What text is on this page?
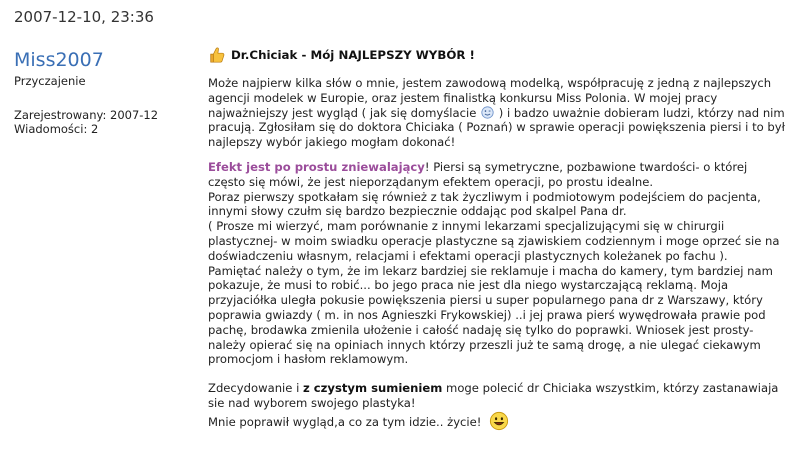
2007-12-10, 23:36
Miss2007
Przyczajenie
Zarejestrowany: 2007-12
Wiadomości: 2
Dr.Chiciak - Mój NAJLEPSZY WYBÓR !

Może najpierw kilka słów o mnie, jestem zawodową modelką, współpracuję z jedną z najlepszych agencji modelek w Europie, oraz jestem finalistką konkursu Miss Polonia. W mojej pracy najważniejszy jest wygląd ( jak się domyślacie ) i badzo uważnie dobieram ludzi, którzy nad nim pracują. Zgłosiłam się do doktora Chiciaka ( Poznań) w sprawie operacji powiększenia piersi i to był najlepszy wybór jakiego mogłam dokonać!

Efekt jest po prostu zniewalający! Piersi są symetryczne, pozbawione twardości- o której często się mówi, że jest nieporządanym efektem operacji, po prostu idealne.
Poraz pierwszy spotkałam się również z tak życzliwym i podmiotowym podejściem do pacjenta, innymi słowy czułm się bardzo bezpiecznie oddając pod skalpel Pana dr.
( Prosze mi wierzyć, mam porównanie z innymi lekarzami specjalizującymi się w chirurgii plastycznej- w moim swiadku operacje plastyczne są zjawiskiem codziennym i moge oprzeć sie na doświadczeniu własnym, relacjami i efektami operacji plastycznych koleżanek po fachu ).
Pamiętać należy o tym, że im lekarz bardziej sie reklamuje i macha do kamery, tym bardziej nam pokazuje, że musi to robić... bo jego praca nie jest dla niego wystarczającą reklamą. Moja przyjaciółka uległa pokusie powiększenia piersi u super popularnego pana dr z Warszawy, który poprawia gwiazdy ( m. in nos Agnieszki Frykowskiej) ..i jej prawa pierś wywędrowała prawie pod pachę, brodawka zmienila ułożenie i całość nadaję się tylko do poprawki. Wniosek jest prosty- należy opierać się na opiniach innych którzy przeszli już te samą drogę, a nie ulegać ciekawym promocjom i hasłom reklamowym.

Zdecydowanie i z czystym sumieniem moge polecić dr Chiciaka wszystkim, którzy zastanawiaja sie nad wyborem swojego plastyka!
Mnie poprawił wygląd,a co za tym idzie.. życie!
